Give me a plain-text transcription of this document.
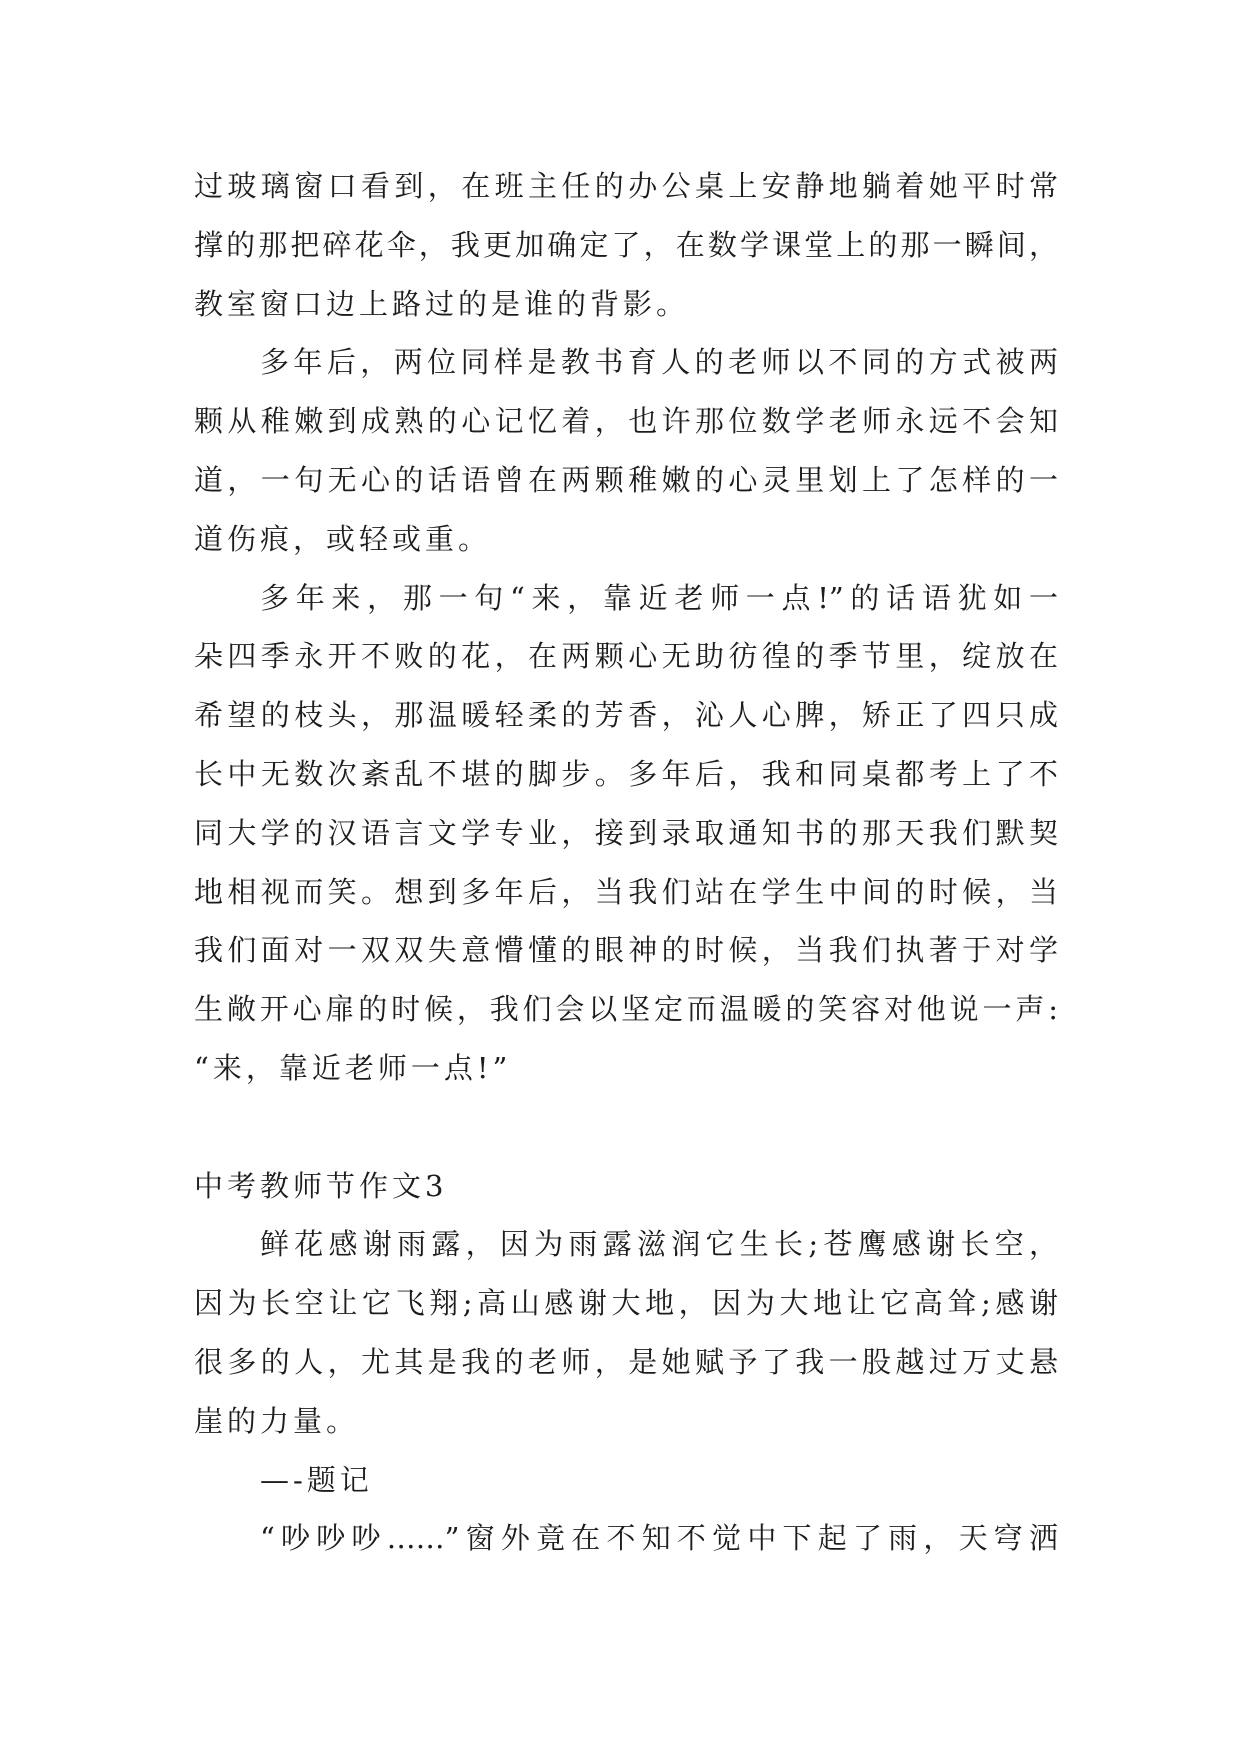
过玻璃窗口看到，在班主任的办公桌上安静地躺着她平时常
撑的那把碎花伞，我更加确定了，在数学课堂上的那一瞬间，
教室窗口边上路过的是谁的背影。
多年后，两位同样是教书育人的老师以不同的方式被两
颗从稚嫩到成熟的心记忆着，也许那位数学老师永远不会知
道，一句无心的话语曾在两颗稚嫩的心灵里划上了怎样的一
道伤痕，或轻或重。
多年来，那一句“来，靠近老师一点!”的话语犹如一
朵四季永开不败的花，在两颗心无助彷徨的季节里，绽放在
希望的枝头，那温暖轻柔的芳香，沁人心脾，矫正了四只成
长中无数次紊乱不堪的脚步。多年后，我和同桌都考上了不
同大学的汉语言文学专业，接到录取通知书的那天我们默契
地相视而笑。想到多年后，当我们站在学生中间的时候，当
我们面对一双双失意懵懂的眼神的时候，当我们执著于对学
生敞开心扉的时候，我们会以坚定而温暖的笑容对他说一声:
“来，靠近老师一点!”
中考教师节作文3
鲜花感谢雨露，因为雨露滋润它生长;苍鹰感谢长空，
因为长空让它飞翔;高山感谢大地，因为大地让它高耸;感谢
很多的人，尤其是我的老师，是她赋予了我一股越过万丈悬
崖的力量。
—-题记
“吵吵吵……”窗外竟在不知不觉中下起了雨，天穹洒
